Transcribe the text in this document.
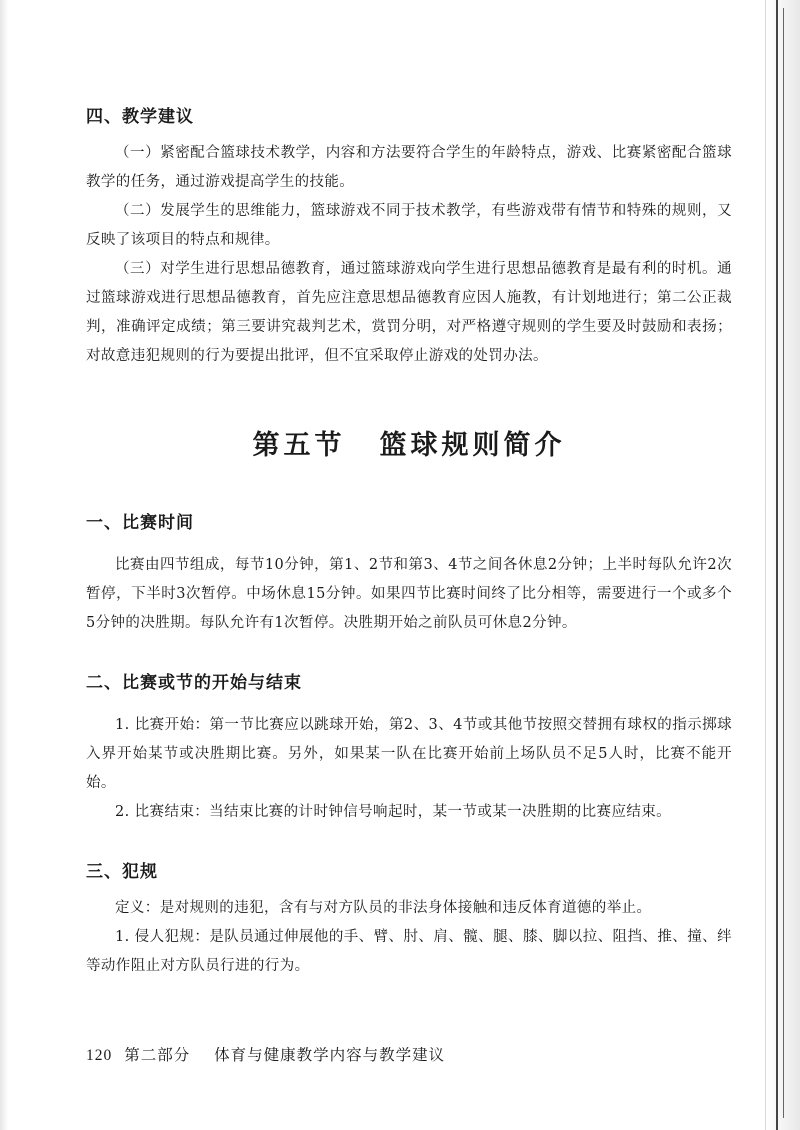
四、教学建议

（一）紧密配合篮球技术教学，内容和方法要符合学生的年龄特点，游戏、比赛紧密配合篮球教学的任务，通过游戏提高学生的技能。

（二）发展学生的思维能力，篮球游戏不同于技术教学，有些游戏带有情节和特殊的规则，又反映了该项目的特点和规律。

（三）对学生进行思想品德教育，通过篮球游戏向学生进行思想品德教育是最有利的时机。通过篮球游戏进行思想品德教育，首先应注意思想品德教育应因人施教，有计划地进行；第二公正裁判，准确评定成绩；第三要讲究裁判艺术，赏罚分明，对严格遵守规则的学生要及时鼓励和表扬；对故意违犯规则的行为要提出批评，但不宜采取停止游戏的处罚办法。

第五节 篮球规则简介
一、比赛时间

比赛由四节组成，每节10分钟，第1、2节和第3、4节之间各休息2分钟；上半时每队允许2次暂停，下半时3次暂停。中场休息15分钟。如果四节比赛时间终了比分相等，需要进行一个或多个5分钟的决胜期。每队允许有1次暂停。决胜期开始之前队员可休息2分钟。

二、比赛或节的开始与结束

1. 比赛开始：第一节比赛应以跳球开始，第2、3、4节或其他节按照交替拥有球权的指示掷球入界开始某节或决胜期比赛。另外，如果某一队在比赛开始前上场队员不足5人时，比赛不能开始。

2. 比赛结束：当结束比赛的计时钟信号响起时，某一节或某一决胜期的比赛应结束。

三、犯规

定义：是对规则的违犯，含有与对方队员的非法身体接触和违反体育道德的举止。

1. 侵人犯规：是队员通过伸展他的手、臂、肘、肩、髋、腿、膝、脚以拉、阻挡、推、撞、绊等动作阻止对方队员行进的行为。

120 第二部分 体育与健康教学内容与教学建议
